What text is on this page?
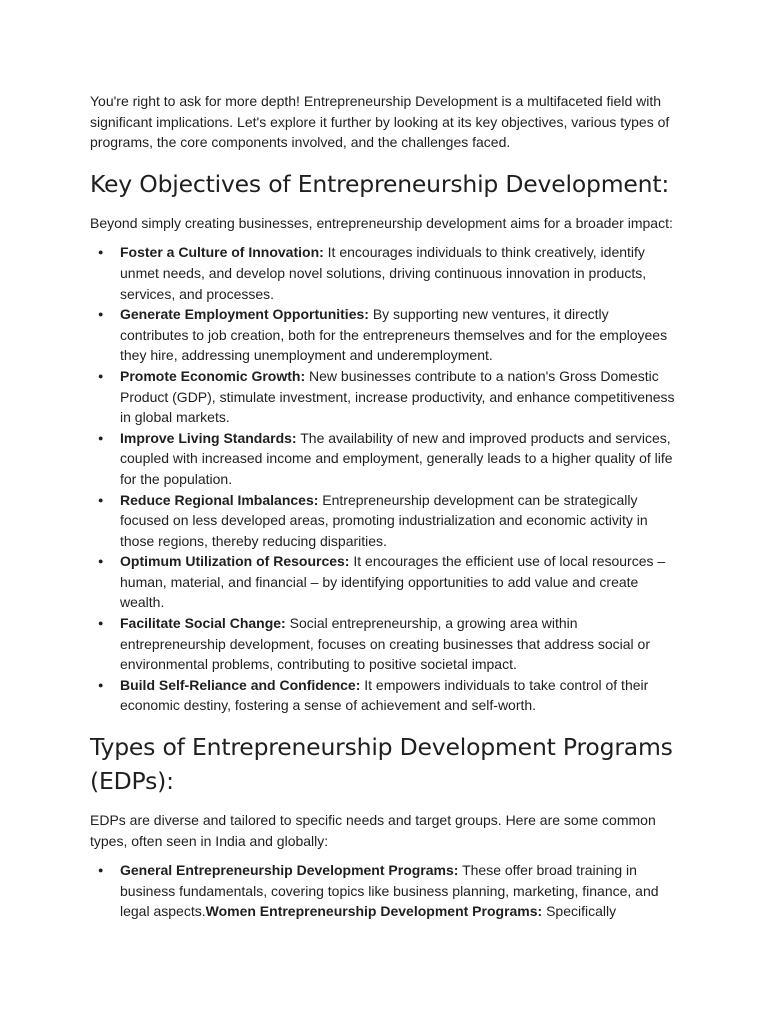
You're right to ask for more depth! Entrepreneurship Development is a multifaceted field with significant implications. Let's explore it further by looking at its key objectives, various types of programs, the core components involved, and the challenges faced.

Key Objectives of Entrepreneurship Development:

Beyond simply creating businesses, entrepreneurship development aims for a broader impact:

● Foster a Culture of Innovation: It encourages individuals to think creatively, identify unmet needs, and develop novel solutions, driving continuous innovation in products, services, and processes.
● Generate Employment Opportunities: By supporting new ventures, it directly contributes to job creation, both for the entrepreneurs themselves and for the employees they hire, addressing unemployment and underemployment.
● Promote Economic Growth: New businesses contribute to a nation's Gross Domestic Product (GDP), stimulate investment, increase productivity, and enhance competitiveness in global markets.
● Improve Living Standards: The availability of new and improved products and services, coupled with increased income and employment, generally leads to a higher quality of life for the population.
● Reduce Regional Imbalances: Entrepreneurship development can be strategically focused on less developed areas, promoting industrialization and economic activity in those regions, thereby reducing disparities.
● Optimum Utilization of Resources: It encourages the efficient use of local resources – human, material, and financial – by identifying opportunities to add value and create wealth.
● Facilitate Social Change: Social entrepreneurship, a growing area within entrepreneurship development, focuses on creating businesses that address social or environmental problems, contributing to positive societal impact.
● Build Self-Reliance and Confidence: It empowers individuals to take control of their economic destiny, fostering a sense of achievement and self-worth.
Types of Entrepreneurship Development Programs (EDPs):

EDPs are diverse and tailored to specific needs and target groups. Here are some common types, often seen in India and globally:

● General Entrepreneurship Development Programs: These offer broad training in business fundamentals, covering topics like business planning, marketing, finance, and legal aspects.Women Entrepreneurship Development Programs: Specifically
